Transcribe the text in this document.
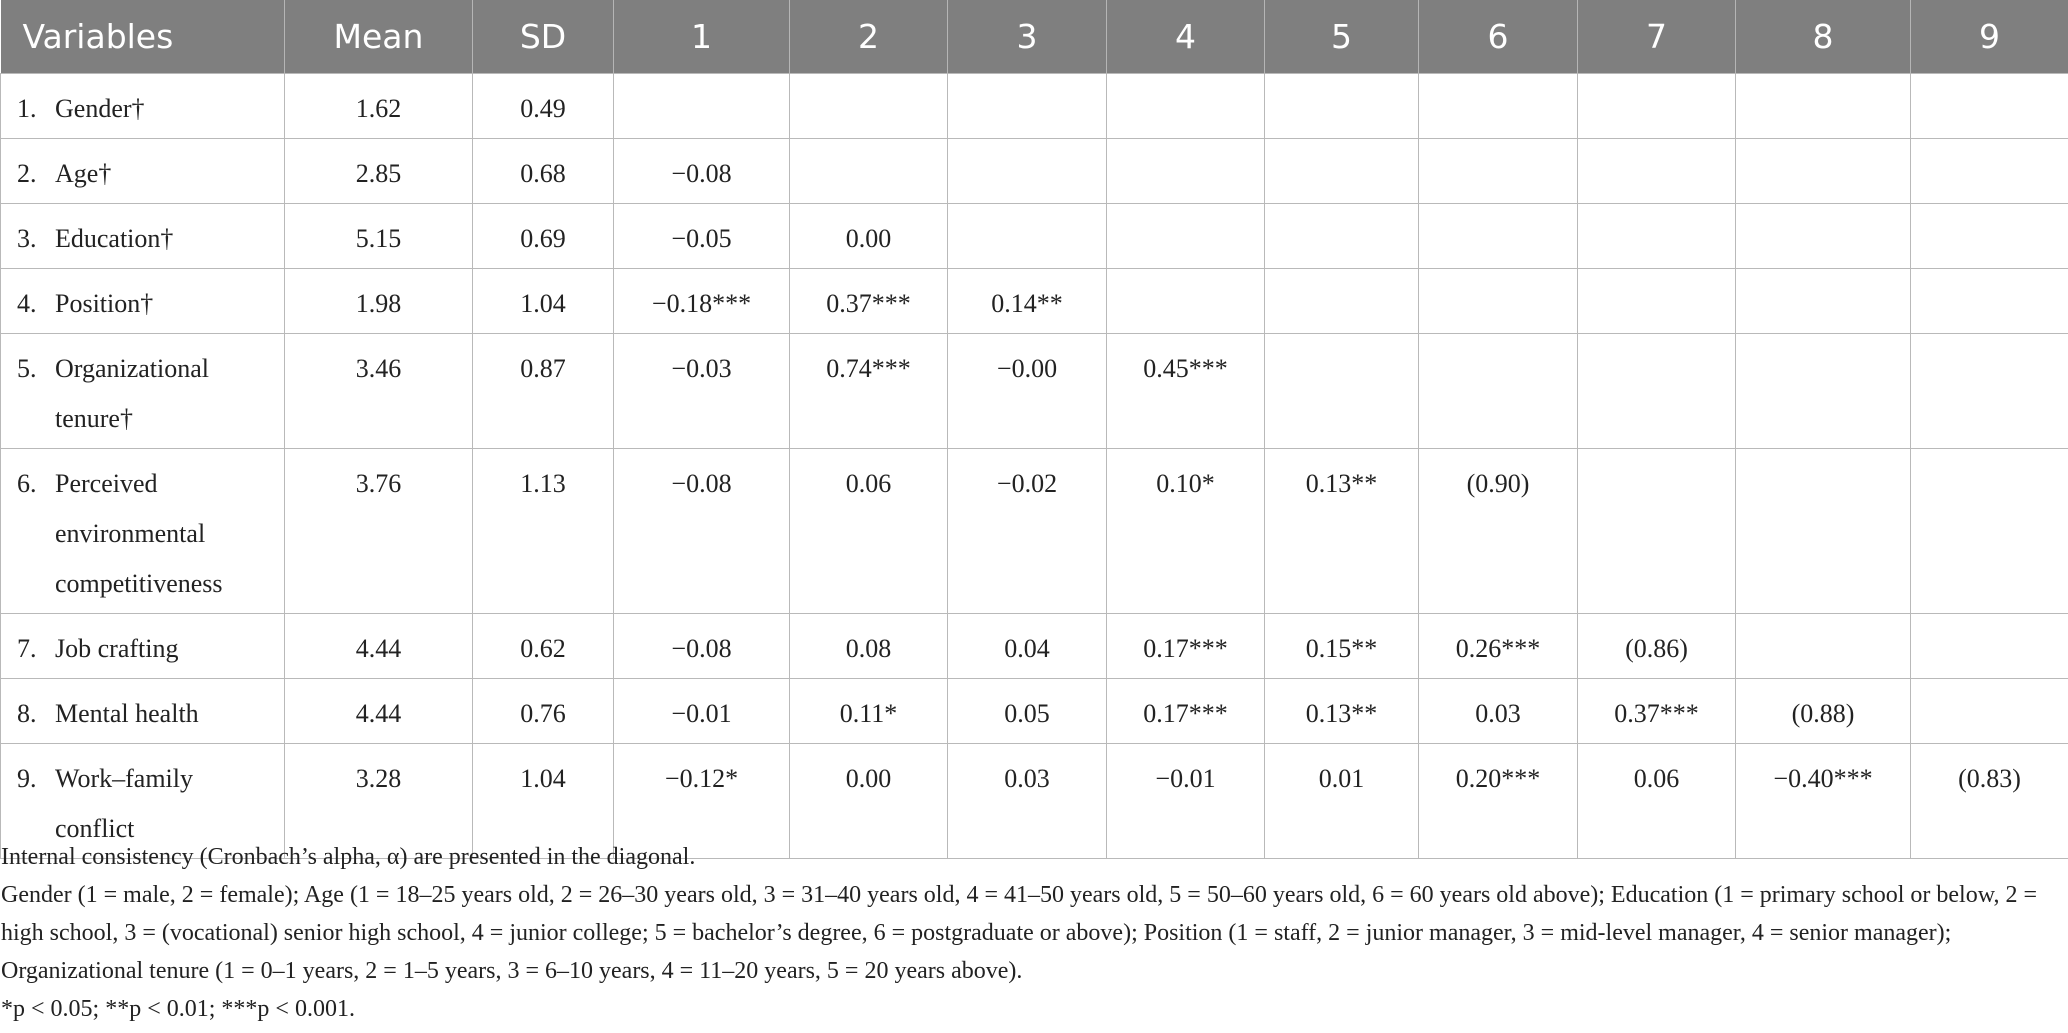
Variables	Mean	SD	1	2	3	4	5	6	7	8	9
1. Gender†	1.62	0.49									
2. Age†	2.85	0.68	−0.08								
3. Education†	5.15	0.69	−0.05	0.00							
4. Position†	1.98	1.04	−0.18***	0.37***	0.14**						
5. Organizational tenure†	3.46	0.87	−0.03	0.74***	−0.00	0.45***					
6. Perceived environmental competitiveness	3.76	1.13	−0.08	0.06	−0.02	0.10*	0.13**	(0.90)			
7. Job crafting	4.44	0.62	−0.08	0.08	0.04	0.17***	0.15**	0.26***	(0.86)		
8. Mental health	4.44	0.76	−0.01	0.11*	0.05	0.17***	0.13**	0.03	0.37***	(0.88)	
9. Work–family conflict	3.28	1.04	−0.12*	0.00	0.03	−0.01	0.01	0.20***	0.06	−0.40***	(0.83)

Internal consistency (Cronbach’s alpha, α) are presented in the diagonal.

Gender (1 = male, 2 = female); Age (1 = 18–25 years old, 2 = 26–30 years old, 3 = 31–40 years old, 4 = 41–50 years old, 5 = 50–60 years old, 6 = 60 years old above); Education (1 = primary school or below, 2 = high school, 3 = (vocational) senior high school, 4 = junior college; 5 = bachelor’s degree, 6 = postgraduate or above); Position (1 = staff, 2 = junior manager, 3 = mid-level manager, 4 = senior manager); Organizational tenure (1 = 0–1 years, 2 = 1–5 years, 3 = 6–10 years, 4 = 11–20 years, 5 = 20 years above).

*p < 0.05; **p < 0.01; ***p < 0.001.
